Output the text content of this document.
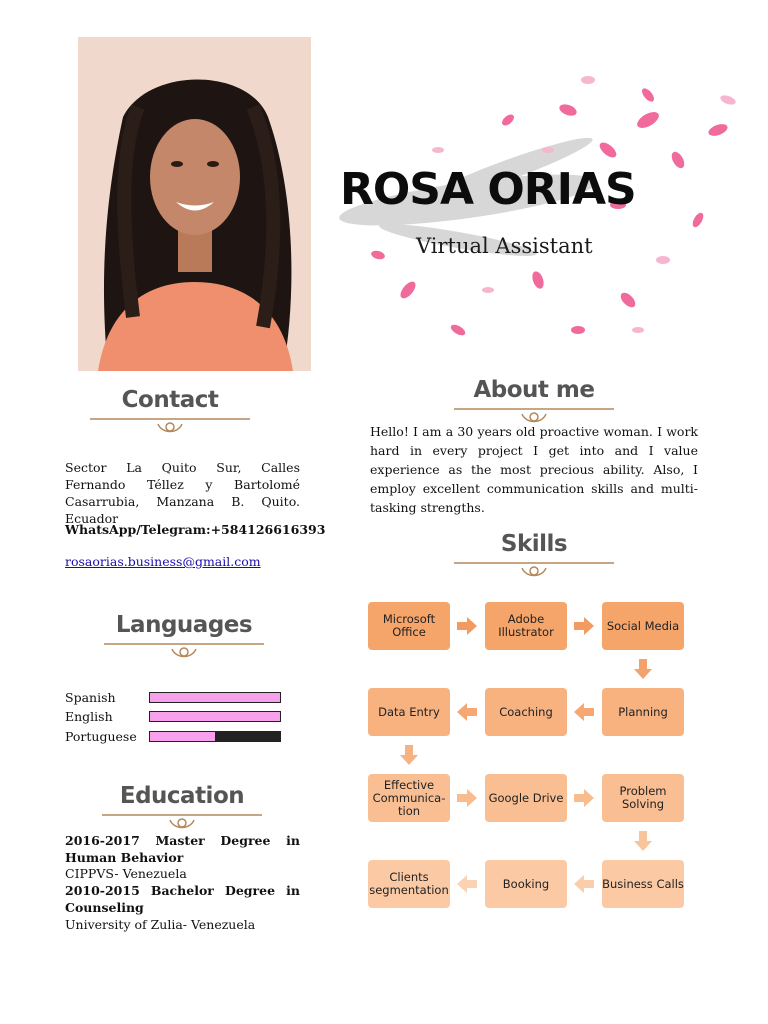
ROSA ORIAS
Virtual Assistant
Contact
Sector La Quito Sur, Calles Fernando Téllez y Bartolomé Casarrubia, Manzana B. Quito. Ecuador
WhatsApp/Telegram:+584126616393
rosaorias.business@gmail.com
Languages
Spanish
English
Portuguese
Education
2016-2017 Master Degree in Human Behavior
CIPPVS- Venezuela
2010-2015 Bachelor Degree in Counseling
University of Zulia- Venezuela
About me
Hello! I am a 30 years old proactive woman. I work hard in every project I get into and I value experience as the most precious ability. Also, I employ excellent communication skills and multi-tasking strengths.
Skills
Microsoft Office
Adobe Illustrator	Social Media
Planning
Coaching
Data Entry
Effective Communica-tion
Google Drive	Problem Solving
Business Calls
Booking
Clients segmentation
